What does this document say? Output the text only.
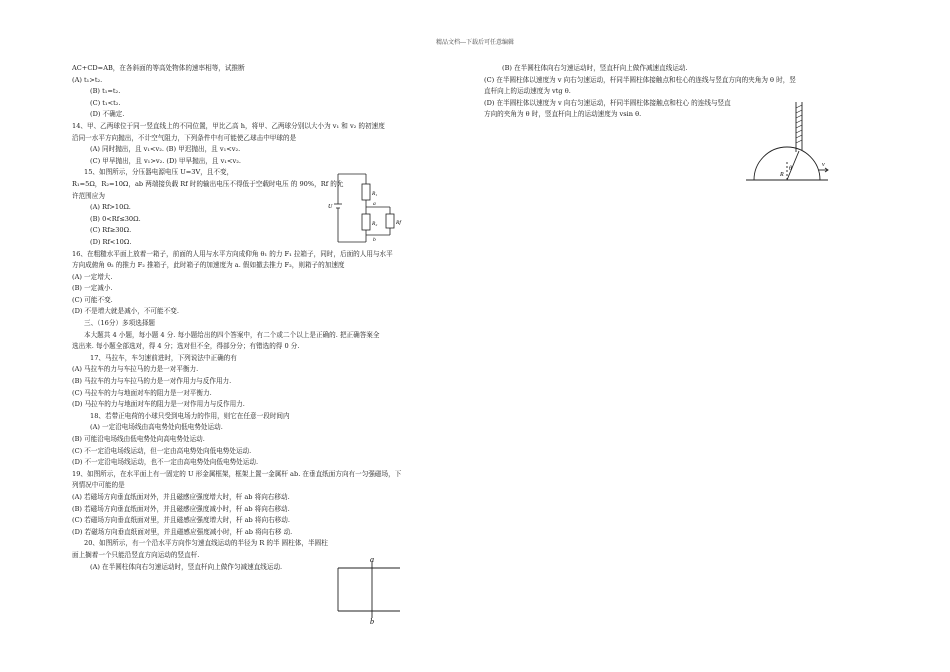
精品文档---下载后可任意编辑
AC+CD=AB，在各斜面的等高处物体的速率相等，试推断
(A) t₁>t₂.
(B) t₁=t₂.
(C) t₁<t₂.
(D) 不确定.
14、甲、乙两球位于同一竖直线上的不同位置，甲比乙高 h，将甲、乙两球分别以大小为 v₁ 和 v₂ 的初速度
沿同一水平方向抛出，不计空气阻力，下列条件中有可能使乙球击中甲球的是
(A) 同时抛出，且 v₁<v₂. (B) 甲迟抛出，且 v₁<v₂.
(C) 甲早抛出，且 v₁>v₂. (D) 甲早抛出，且 v₁<v₂.
15、如图所示，分压器电源电压 U=3V，且不变，
R₁=5Ω，R₂=10Ω，ab 两端接负载 Rf 时的输出电压不得低于空载时电压 的 90%，Rf 的允
许范围应为
(A) Rf>10Ω.
(B) 0<Rf≤30Ω.
(C) Rf≥30Ω.
(D) Rf<10Ω.
16、在粗糙水平面上放着一箱子，前面的人用与水平方向成仰角 θ₁ 的力 F₁ 拉箱子，同时，后面的人用与水平
方向成俯角 θ₂ 的推力 F₂ 推箱子，此时箱子的加速度为 a. 假如撤去推力 F₂，则箱子的加速度
(A) 一定增大.
(B) 一定减小.
(C) 可能不变.
(D) 不是增大就是减小，不可能不变.
三、（16分）多项选择题
本大题共 4 小题，每小题 4 分. 每小题给出的四个答案中，有二个或二个以上是正确的. 把正确答案全
选出来. 每小题全部选对，得 4 分；选对但不全，得部分分；有错选的得 0 分.
17、马拉车，车匀速前进时，下列说法中正确的有
(A) 马拉车的力与车拉马的力是一对平衡力.
(B) 马拉车的力与车拉马的力是一对作用力与反作用力.
(C) 马拉车的力与地面对车的阻力是一对平衡力.
(D) 马拉车的力与地面对车的阻力是一对作用力与反作用力.
18、若带正电荷的小球只受到电场力的作用，则它在任意一段时间内
(A) 一定沿电场线由高电势处向低电势处运动.
(B) 可能沿电场线由低电势处向高电势处运动.
(C) 不一定沿电场线运动，但一定由高电势处向低电势处运动.
(D) 不一定沿电场线运动，也不一定由高电势处向低电势处运动.
19、如图所示，在水平面上有一固定的 U 形金属框架，框架上置一金属杆 ab. 在垂直纸面方向有一匀强磁场，下
列情况中可能的是
(A) 若磁场方向垂直纸面对外，并且磁感应强度增大时，杆 ab 将向右移动.
(B) 若磁场方向垂直纸面对外，并且磁感应强度减小时，杆 ab 将向右移动.
(C) 若磁场方向垂直纸面对里，并且磁感应强度增大时，杆 ab 将向右移动.
(D) 若磁场方向垂直纸面对里，并且磁感应强度减小时，杆 ab 将向右移 动.
20、如图所示，有一个沿水平方向作匀速直线运动的半径为 R 的半 圆柱体，半圆柱
面上搁着一个只能沿竖直方向运动的竖直杆.
(A) 在半圆柱体向右匀速运动时，竖直杆向上做作匀减速直线运动.
(B) 在半圆柱体向右匀速运动时，竖直杆向上做作减速直线运动.
(C) 在半圆柱体以速度为 v 向右匀速运动，杆同半圆柱体接触点和柱心的连线与竖直方向的夹角为 θ 时，竖
直杆向上的运动速度为 vtg θ.
(D) 在半圆柱体以速度为 v 向右匀速运动，杆同半圆柱体接触点和柱心 的连线与竖直
方向的夹角为 θ 时，竖直杆向上的运动速度为 vsin θ.
U
R₁
R₂	Rf
a
b
a
b
R
θ
v
